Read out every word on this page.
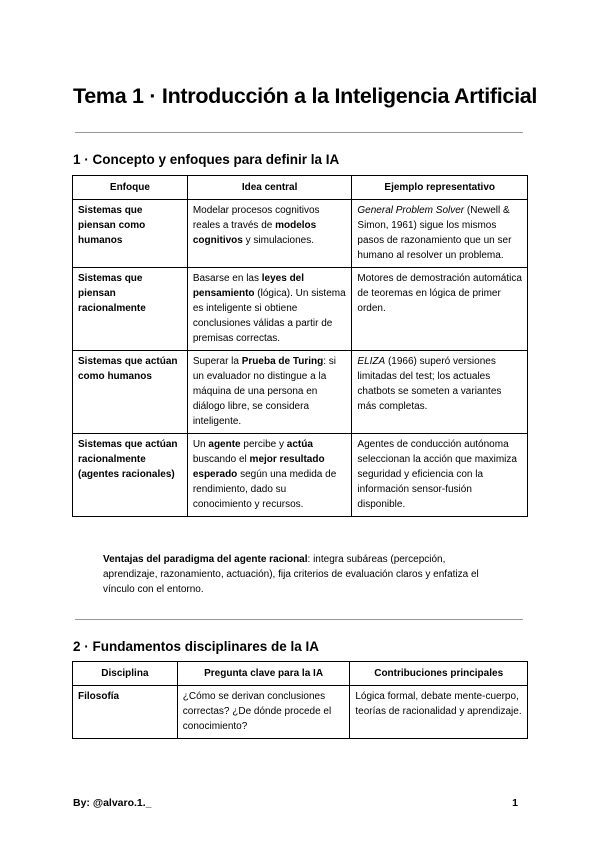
Tema 1 · Introducción a la Inteligencia Artificial
1 · Concepto y enfoques para definir la IA
Enfoque	Idea central	Ejemplo representativo
Sistemas que piensan como humanos	Modelar procesos cognitivos reales a través de modelos cognitivos y simulaciones.	General Problem Solver (Newell & Simon, 1961) sigue los mismos pasos de razonamiento que un ser humano al resolver un problema.
Sistemas que piensan racionalmente	Basarse en las leyes del pensamiento (lógica). Un sistema es inteligente si obtiene conclusiones válidas a partir de premisas correctas.	Motores de demostración automática de teoremas en lógica de primer orden.
Sistemas que actúan como humanos	Superar la Prueba de Turing: si un evaluador no distingue a la máquina de una persona en diálogo libre, se considera inteligente.	ELIZA (1966) superó versiones limitadas del test; los actuales chatbots se someten a variantes más completas.
Sistemas que actúan racionalmente (agentes racionales)	Un agente percibe y actúa buscando el mejor resultado esperado según una medida de rendimiento, dado su conocimiento y recursos.	Agentes de conducción autónoma seleccionan la acción que maximiza seguridad y eficiencia con la información sensor-fusión disponible.

Ventajas del paradigma del agente racional: integra subáreas (percepción, aprendizaje, razonamiento, actuación), fija criterios de evaluación claros y enfatiza el vínculo con el entorno.

2 · Fundamentos disciplinares de la IA
Disciplina	Pregunta clave para la IA	Contribuciones principales
Filosofía	¿Cómo se derivan conclusiones correctas? ¿De dónde procede el conocimiento?	Lógica formal, debate mente-cuerpo, teorías de racionalidad y aprendizaje.

By: @alvaro.1._	1
